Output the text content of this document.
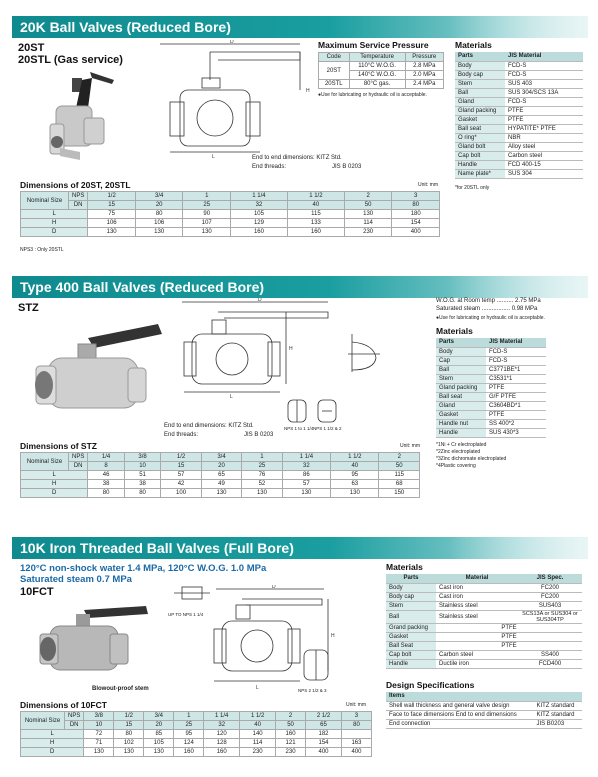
20K Ball Valves (Reduced Bore)
20ST
20STL (Gas service)
D
L
H
End to end dimensions: KITZ Std.
End threads:	JIS B 0203
Maximum Service Pressure
Code	Temperature	Pressure
20ST	110°C W.O.G.	2.8 MPa
	140°C W.O.G.	2.0 MPa
20STL	80°C gas.	2.4 MPa
●Use for lubricating or hydraulic oil is acceptable.
Materials
Parts	JIS Material
Body	FCD-S
Body cap	FCD-S
Stem	SUS 403
Ball	SUS 304/SCS 13A
Gland	FCD-S
Gland packing	PTFE
Gasket	PTFE
Ball seat	HYPATITE* PTFE
O ring*	NBR
Gland bolt	Alloy steel
Cap bolt	Carbon steel
Handle	FCD 400-15
Name plate*	SUS 304
*for 20STL only
Dimensions of 20ST, 20STL	Unit: mm
Nominal Size	NPS	1/2	3/4	1	1 1/4	1 1/2	2	3
	DN	15	20	25	32	40	50	80
L		75	80	90	105	115	130	180
H		106	106	107	129	133	114	154
D		130	130	130	160	160	230	400
NPS3 : Only 20STL
Type 400 Ball Valves (Reduced Bore)
STZ
D
L
H
NPS 1 to 1 1/4 NPS 1 1/2 & 2
End to end dimensions: KITZ Std.
End threads:	JIS B 0203
W.O.G. at Room temp .......... 2.75 MPa
Saturated steam ................. 0.98 MPa
●Use for lubricating or hydraulic oil is acceptable.
Materials
Parts	JIS Material
Body	FCD-S
Cap	FCD-S
Ball	C3771BE*1
Stem	C3531*1
Gland packing	PTFE
Ball seat	G/F PTFE
Gland	C3604BD*1
Gasket	PTFE
Handle nut	SS 400*2
Handle	SUS 430*3
*1Ni + Cr electroplated
*2Zinc electroplated
*3Zinc dichromate electroplated
*4Plastic covering
Dimensions of STZ	Unit: mm
Nominal Size	NPS	1/4	3/8	1/2	3/4	1	1 1/4	1 1/2	2
	DN	8	10	15	20	25	32	40	50
L		46	51	57	65	76	86	95	115
H		38	38	42	49	52	57	63	68
D		80	80	100	130	130	130	130	150
10K Iron Threaded Ball Valves (Full Bore)
120°C non-shock water 1.4 MPa, 120°C W.O.G. 1.0 MPa
Saturated steam 0.7 MPa
10FCT
Blowout-proof stem
UP TO NPS 1 1/4
D
L
H
NPS 2 1/2 & 3
Materials
Parts	Material	JIS Spec.
Body	Cast iron	FC200
Body cap	Cast iron	FC200
Stem	Stainless steel	SUS403
Ball	Stainless steel	SCS13A or SUS304 or SUS304TP
Grand packing	PTFE	
Gasket	PTFE	
Ball Seat	PTFE	
Cap bolt	Carbon steel	SS400
Handle	Ductile iron	FCD400
Design Specifications
Items	
Shell wall thickness and general valve design	KITZ standard
Face to face dimensions End to end dimensions	KITZ standard
End connection	JIS B0203
Dimensions of 10FCT	Unit: mm
Nominal Size	NPS	3/8	1/2	3/4	1	1 1/4	1 1/2	2	2 1/2	3
	DN	10	15	20	25	32	40	50	65	80
L		72	80	85	95	120	140	160	182	
H		71	102	105	124	128	114	121	154	163
D		130	130	130	160	160	230	230	400	400
